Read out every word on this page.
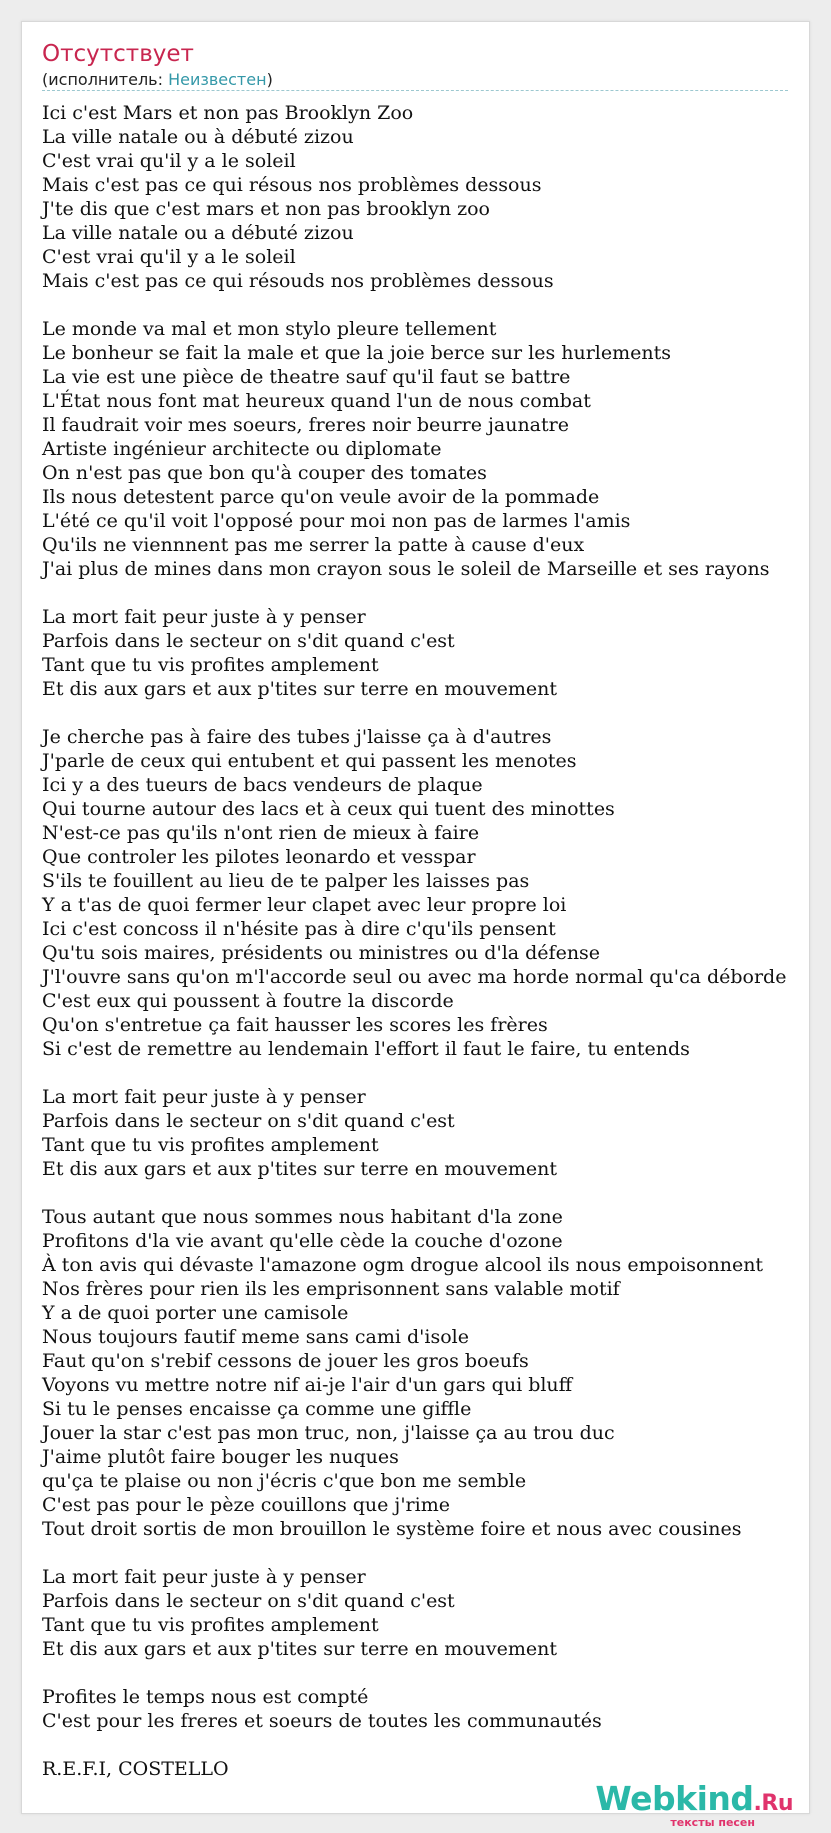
Отсутствует
(исполнитель: Неизвестен)
Ici c'est Mars et non pas Brooklyn Zoo
La ville natale ou à débuté zizou
C'est vrai qu'il y a le soleil
Mais c'est pas ce qui résous nos problèmes dessous
J'te dis que c'est mars et non pas brooklyn zoo
La ville natale ou a débuté zizou
C'est vrai qu'il y a le soleil
Mais c'est pas ce qui résouds nos problèmes dessous
Le monde va mal et mon stylo pleure tellement
Le bonheur se fait la male et que la joie berce sur les hurlements
La vie est une pièce de theatre sauf qu'il faut se battre
L'État nous font mat heureux quand l'un de nous combat
Il faudrait voir mes soeurs, freres noir beurre jaunatre
Artiste ingénieur architecte ou diplomate
On n'est pas que bon qu'à couper des tomates
Ils nous detestent parce qu'on veule avoir de la pommade
L'été ce qu'il voit l'opposé pour moi non pas de larmes l'amis
Qu'ils ne viennnent pas me serrer la patte à cause d'eux
J'ai plus de mines dans mon crayon sous le soleil de Marseille et ses rayons
La mort fait peur juste à y penser
Parfois dans le secteur on s'dit quand c'est
Tant que tu vis profites amplement
Et dis aux gars et aux p'tites sur terre en mouvement
Je cherche pas à faire des tubes j'laisse ça à d'autres
J'parle de ceux qui entubent et qui passent les menotes
Ici y a des tueurs de bacs vendeurs de plaque
Qui tourne autour des lacs et à ceux qui tuent des minottes
N'est-ce pas qu'ils n'ont rien de mieux à faire
Que controler les pilotes leonardo et vesspar
S'ils te fouillent au lieu de te palper les laisses pas
Y a t'as de quoi fermer leur clapet avec leur propre loi
Ici c'est concoss il n'hésite pas à dire c'qu'ils pensent
Qu'tu sois maires, présidents ou ministres ou d'la défense
J'l'ouvre sans qu'on m'l'accorde seul ou avec ma horde normal qu'ca déborde
C'est eux qui poussent à foutre la discorde
Qu'on s'entretue ça fait hausser les scores les frères
Si c'est de remettre au lendemain l'effort il faut le faire, tu entends
La mort fait peur juste à y penser
Parfois dans le secteur on s'dit quand c'est
Tant que tu vis profites amplement
Et dis aux gars et aux p'tites sur terre en mouvement
Tous autant que nous sommes nous habitant d'la zone
Profitons d'la vie avant qu'elle cède la couche d'ozone
À ton avis qui dévaste l'amazone ogm drogue alcool ils nous empoisonnent
Nos frères pour rien ils les emprisonnent sans valable motif
Y a de quoi porter une camisole
Nous toujours fautif meme sans cami d'isole
Faut qu'on s'rebif cessons de jouer les gros boeufs
Voyons vu mettre notre nif ai-je l'air d'un gars qui bluff
Si tu le penses encaisse ça comme une giffle
Jouer la star c'est pas mon truc, non, j'laisse ça au trou duc
J'aime plutôt faire bouger les nuques
qu'ça te plaise ou non j'écris c'que bon me semble
C'est pas pour le pèze couillons que j'rime
Tout droit sortis de mon brouillon le système foire et nous avec cousines
La mort fait peur juste à y penser
Parfois dans le secteur on s'dit quand c'est
Tant que tu vis profites amplement
Et dis aux gars et aux p'tites sur terre en mouvement
Profites le temps nous est compté
C'est pour les freres et soeurs de toutes les communautés
R.E.F.I, COSTELLO
Webkind.Ru
тексты песен
